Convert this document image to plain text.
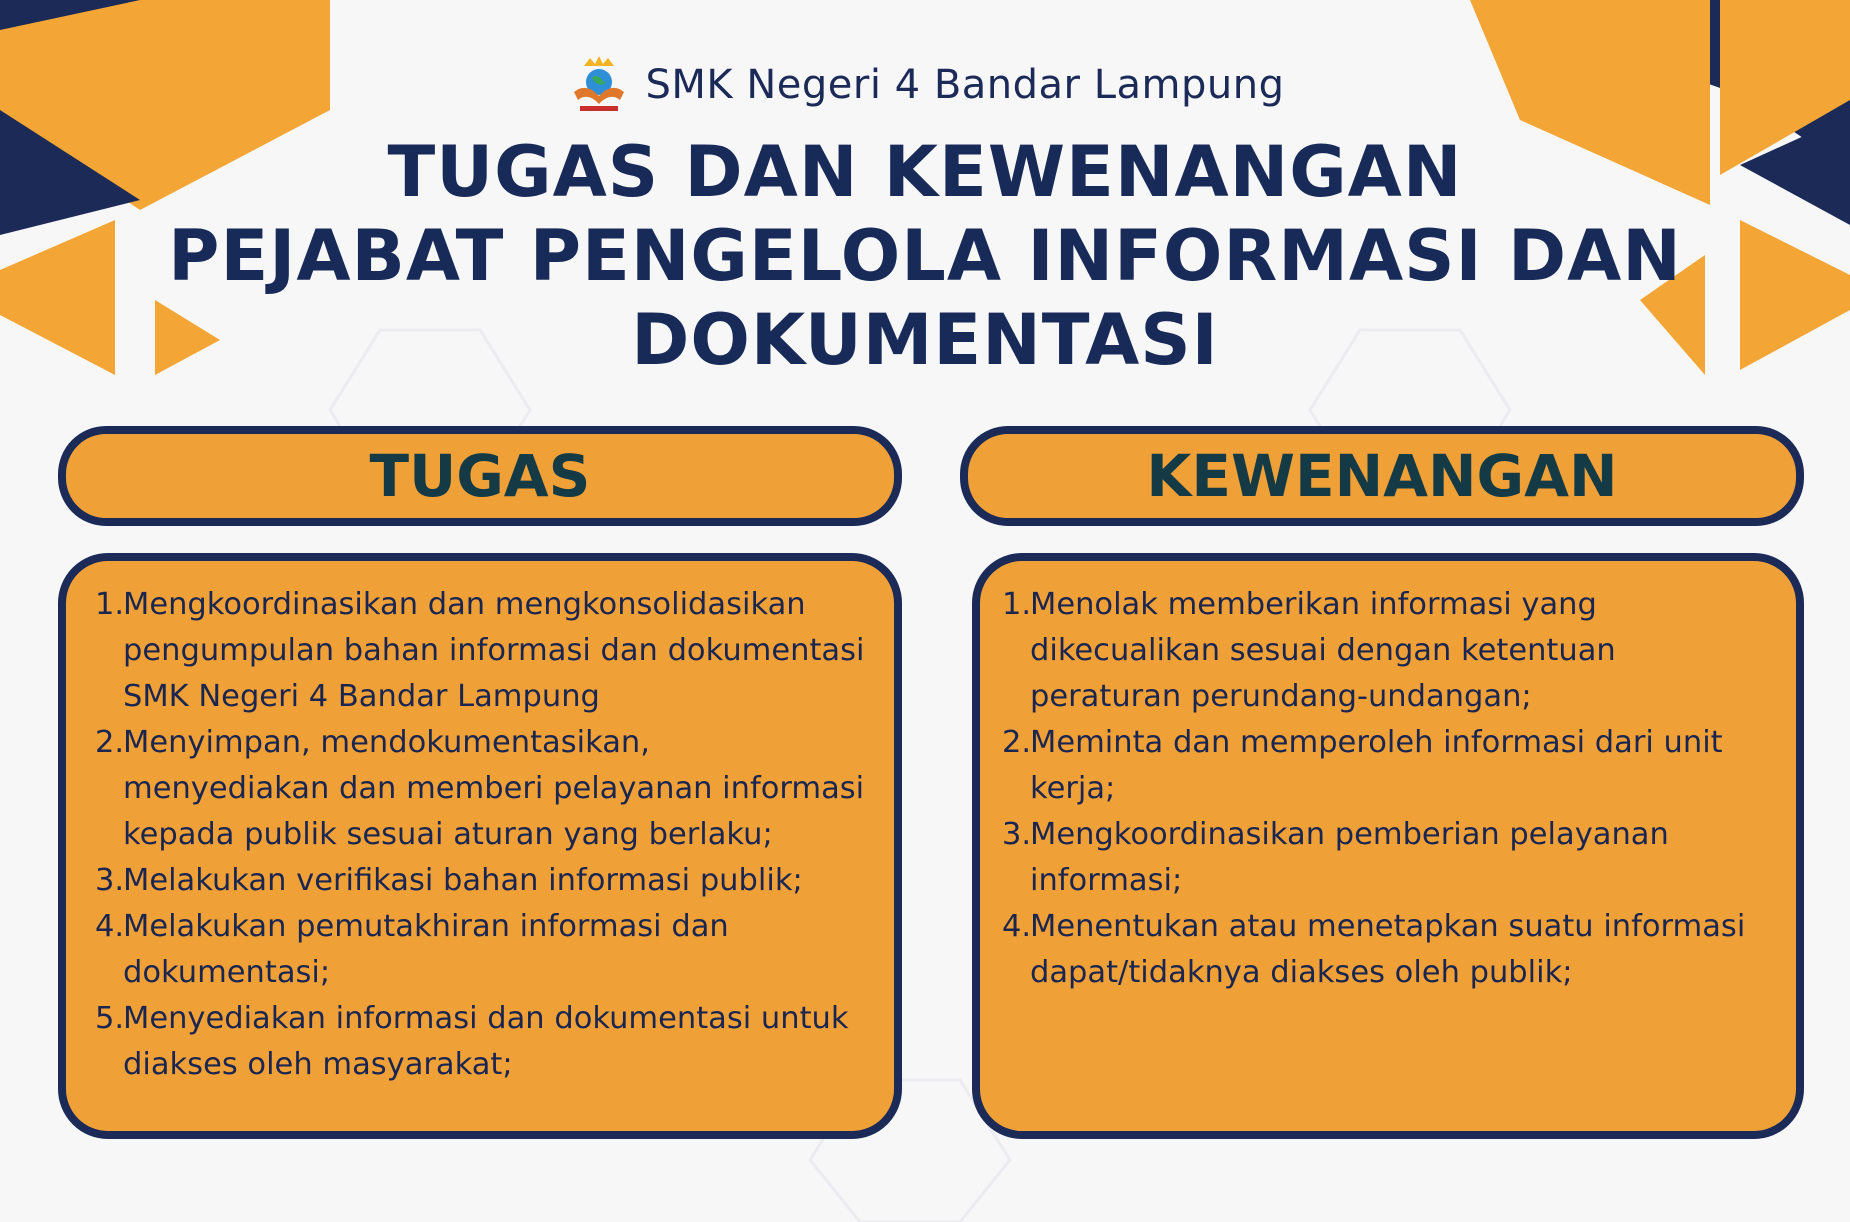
SMK Negeri 4 Bandar Lampung
TUGAS DAN KEWENANGAN
PEJABAT PENGELOLA INFORMASI DAN
DOKUMENTASI
TUGAS
1.
Mengkoordinasikan dan mengkonsolidasikan pengumpulan bahan informasi dan dokumentasi SMK Negeri 4 Bandar Lampung
2.
Menyimpan, mendokumentasikan, menyediakan dan memberi pelayanan informasi kepada publik sesuai aturan yang berlaku;
3.
Melakukan verifikasi bahan informasi publik;
4.
Melakukan pemutakhiran informasi dan dokumentasi;
5.
Menyediakan informasi dan dokumentasi untuk diakses oleh masyarakat;
KEWENANGAN
1.
Menolak memberikan informasi yang dikecualikan sesuai dengan ketentuan peraturan perundang-undangan;
2.
Meminta dan memperoleh informasi dari unit kerja;
3.
Mengkoordinasikan pemberian pelayanan informasi;
4.
Menentukan atau menetapkan suatu informasi dapat/tidaknya diakses oleh publik;
